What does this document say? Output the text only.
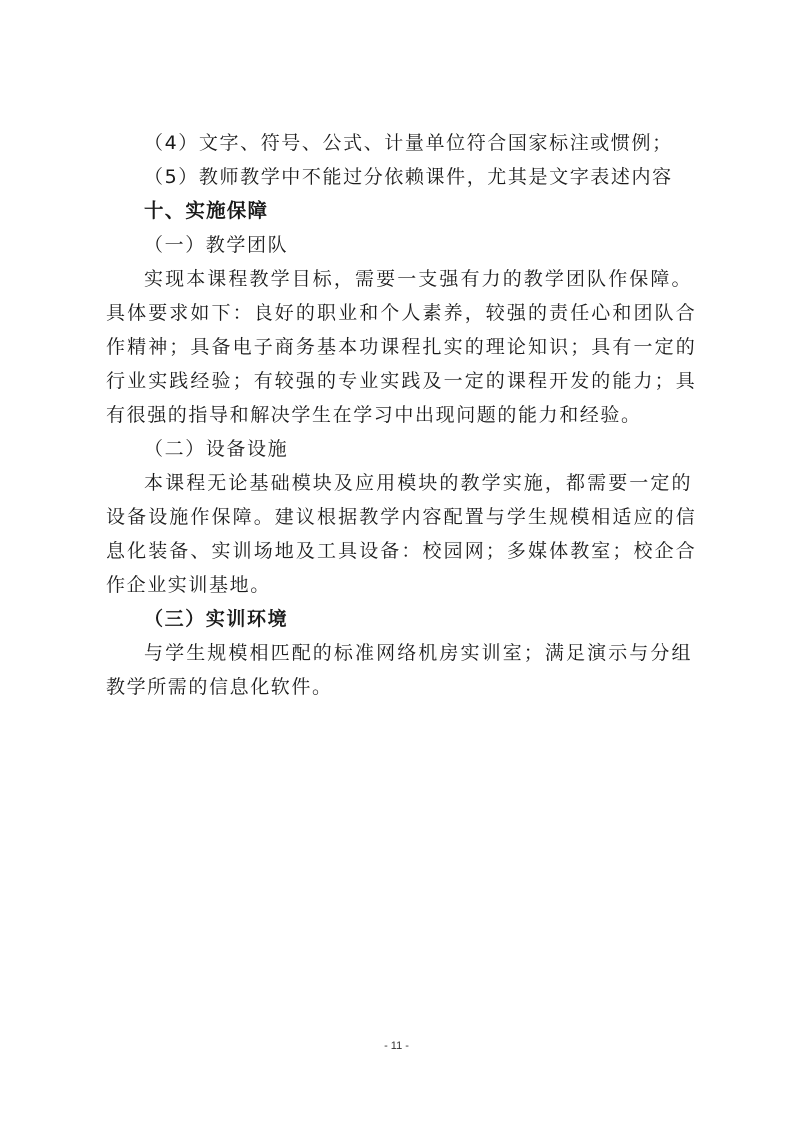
（4）文字、符号、公式、计量单位符合国家标注或惯例；
（5）教师教学中不能过分依赖课件，尤其是文字表述内容
十、实施保障
（一）教学团队
实现本课程教学目标，需要一支强有力的教学团队作保障。
具体要求如下：良好的职业和个人素养，较强的责任心和团队合
作精神；具备电子商务基本功课程扎实的理论知识；具有一定的
行业实践经验；有较强的专业实践及一定的课程开发的能力；具
有很强的指导和解决学生在学习中出现问题的能力和经验。
（二）设备设施
本课程无论基础模块及应用模块的教学实施，都需要一定的
设备设施作保障。建议根据教学内容配置与学生规模相适应的信
息化装备、实训场地及工具设备：校园网；多媒体教室；校企合
作企业实训基地。
（三）实训环境
与学生规模相匹配的标准网络机房实训室；满足演示与分组
教学所需的信息化软件。
- 11 -
